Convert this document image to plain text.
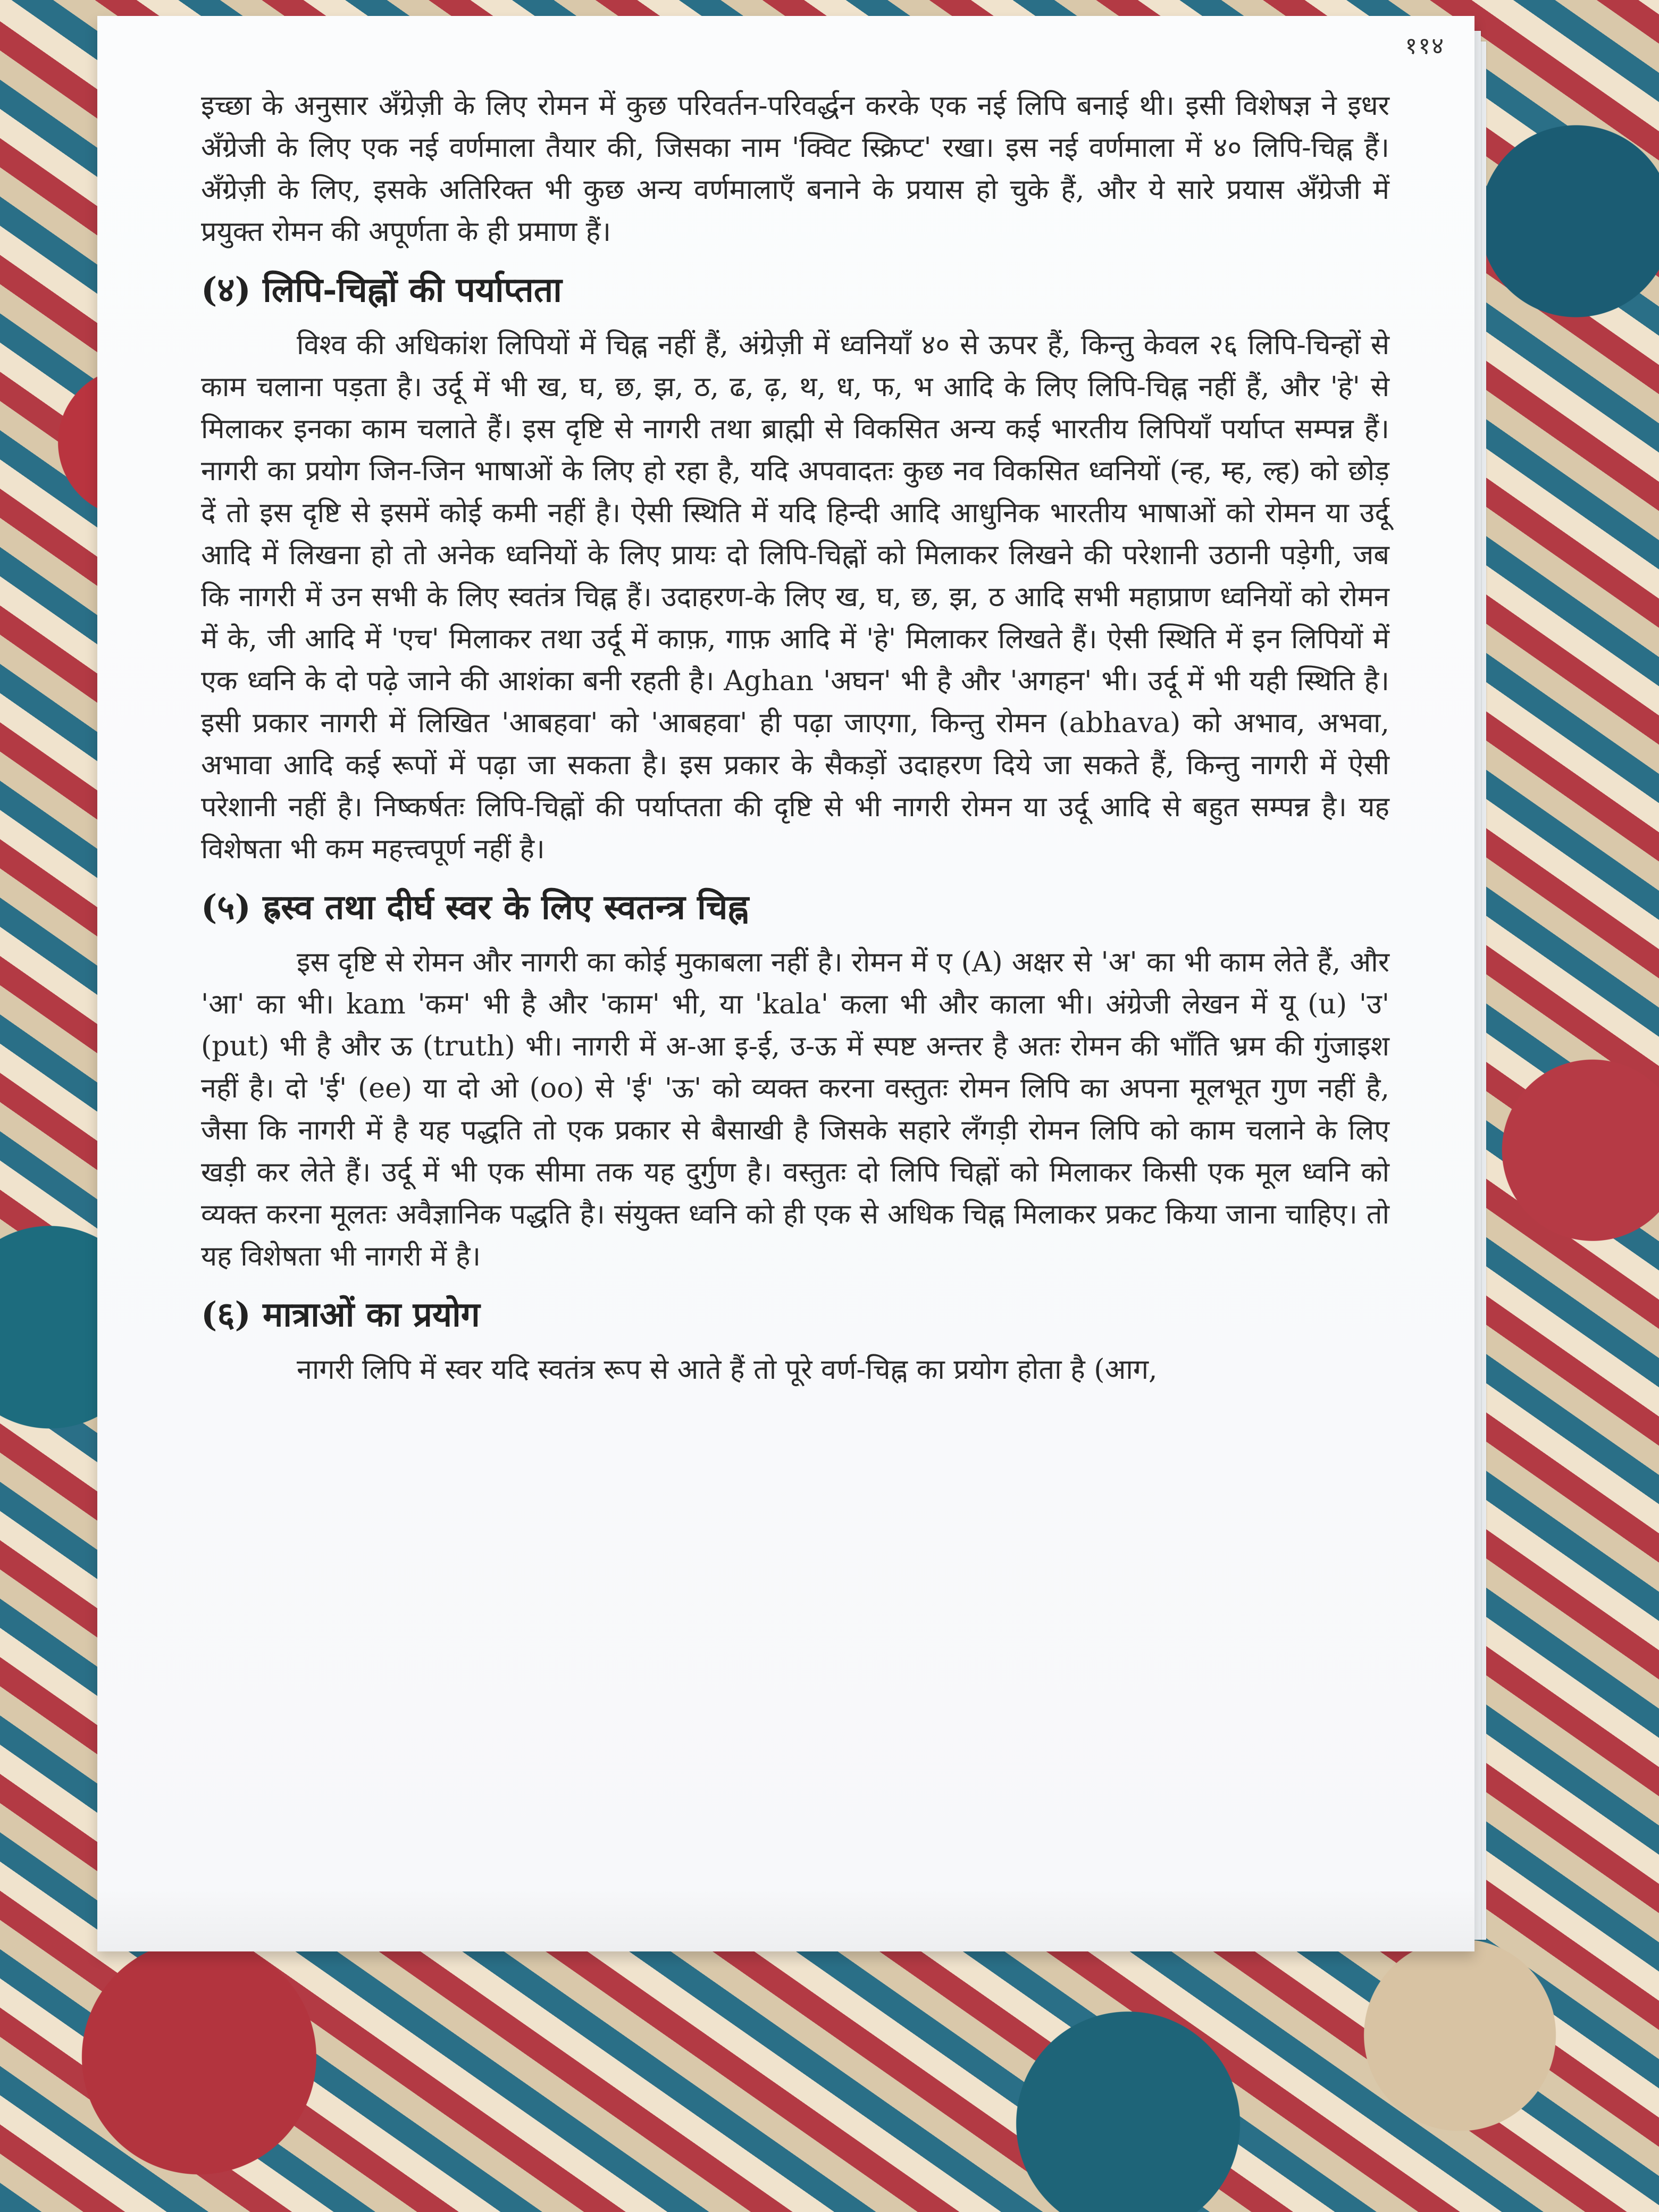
११४

इच्छा के अनुसार अँग्रेज़ी के लिए रोमन में कुछ परिवर्तन-परिवर्द्धन करके एक नई लिपि बनाई थी। इसी विशेषज्ञ ने इधर अँग्रेजी के लिए एक नई वर्णमाला तैयार की, जिसका नाम 'क्विट स्क्रिप्ट' रखा। इस नई वर्णमाला में ४० लिपि-चिह्न हैं। अँग्रेज़ी के लिए, इसके अतिरिक्त भी कुछ अन्य वर्णमालाएँ बनाने के प्रयास हो चुके हैं, और ये सारे प्रयास अँग्रेजी में प्रयुक्त रोमन की अपूर्णता के ही प्रमाण हैं।

(४) लिपि-चिह्नों की पर्याप्तता

विश्व की अधिकांश लिपियों में चिह्न नहीं हैं, अंग्रेज़ी में ध्वनियाँ ४० से ऊपर हैं, किन्तु केवल २६ लिपि-चिन्हों से काम चलाना पड़ता है। उर्दू में भी ख, घ, छ, झ, ठ, ढ, ढ़, थ, ध, फ, भ आदि के लिए लिपि-चिह्न नहीं हैं, और 'हे' से मिलाकर इनका काम चलाते हैं। इस दृष्टि से नागरी तथा ब्राह्मी से विकसित अन्य कई भारतीय लिपियाँ पर्याप्त सम्पन्न हैं। नागरी का प्रयोग जिन-जिन भाषाओं के लिए हो रहा है, यदि अपवादतः कुछ नव विकसित ध्वनियों (न्ह, म्ह, ल्ह) को छोड़ दें तो इस दृष्टि से इसमें कोई कमी नहीं है। ऐसी स्थिति में यदि हिन्दी आदि आधुनिक भारतीय भाषाओं को रोमन या उर्दू आदि में लिखना हो तो अनेक ध्वनियों के लिए प्रायः दो लिपि-चिह्नों को मिलाकर लिखने की परेशानी उठानी पड़ेगी, जब कि नागरी में उन सभी के लिए स्वतंत्र चिह्न हैं। उदाहरण-के लिए ख, घ, छ, झ, ठ आदि सभी महाप्राण ध्वनियों को रोमन में के, जी आदि में 'एच' मिलाकर तथा उर्दू में काफ़, गाफ़ आदि में 'हे' मिलाकर लिखते हैं। ऐसी स्थिति में इन लिपियों में एक ध्वनि के दो पढ़े जाने की आशंका बनी रहती है। Aghan 'अघन' भी है और 'अगहन' भी। उर्दू में भी यही स्थिति है। इसी प्रकार नागरी में लिखित 'आबहवा' को 'आबहवा' ही पढ़ा जाएगा, किन्तु रोमन (abhava) को अभाव, अभवा, अभावा आदि कई रूपों में पढ़ा जा सकता है। इस प्रकार के सैकड़ों उदाहरण दिये जा सकते हैं, किन्तु नागरी में ऐसी परेशानी नहीं है। निष्कर्षतः लिपि-चिह्नों की पर्याप्तता की दृष्टि से भी नागरी रोमन या उर्दू आदि से बहुत सम्पन्न है। यह विशेषता भी कम महत्त्वपूर्ण नहीं है।

(५) ह्रस्व तथा दीर्घ स्वर के लिए स्वतन्त्र चिह्न

इस दृष्टि से रोमन और नागरी का कोई मुकाबला नहीं है। रोमन में ए (A) अक्षर से 'अ' का भी काम लेते हैं, और 'आ' का भी। kam 'कम' भी है और 'काम' भी, या 'kala' कला भी और काला भी। अंग्रेजी लेखन में यू (u) 'उ' (put) भी है और ऊ (truth) भी। नागरी में अ-आ इ-ई, उ-ऊ में स्पष्ट अन्तर है अतः रोमन की भाँति भ्रम की गुंजाइश नहीं है। दो 'ई' (ee) या दो ओ (oo) से 'ई' 'ऊ' को व्यक्त करना वस्तुतः रोमन लिपि का अपना मूलभूत गुण नहीं है, जैसा कि नागरी में है यह पद्धति तो एक प्रकार से बैसाखी है जिसके सहारे लँगड़ी रोमन लिपि को काम चलाने के लिए खड़ी कर लेते हैं। उर्दू में भी एक सीमा तक यह दुर्गुण है। वस्तुतः दो लिपि चिह्नों को मिलाकर किसी एक मूल ध्वनि को व्यक्त करना मूलतः अवैज्ञानिक पद्धति है। संयुक्त ध्वनि को ही एक से अधिक चिह्न मिलाकर प्रकट किया जाना चाहिए। तो यह विशेषता भी नागरी में है।

(६) मात्राओं का प्रयोग

नागरी लिपि में स्वर यदि स्वतंत्र रूप से आते हैं तो पूरे वर्ण-चिह्न का प्रयोग होता है (आग,
